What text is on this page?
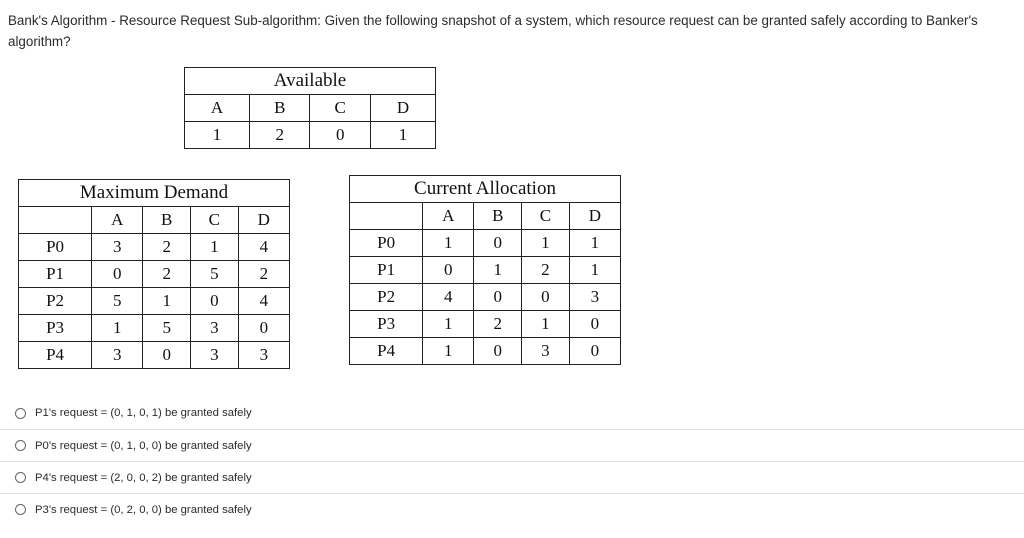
Bank's Algorithm - Resource Request Sub-algorithm: Given the following snapshot of a system, which resource request can be granted safely according to Banker's algorithm?
Available			
A	B	C	D
1	2	0	1
Maximum Demand				
	A	B	C	D
P0	3	2	1	4
P1	0	2	5	2
P2	5	1	0	4
P3	1	5	3	0
P4	3	0	3	3
Current Allocation				
	A	B	C	D
P0	1	0	1	1
P1	0	1	2	1
P2	4	0	0	3
P3	1	2	1	0
P4	1	0	3	0
P1's request = (0, 1, 0, 1) be granted safely
P0's request = (0, 1, 0, 0) be granted safely
P4's request = (2, 0, 0, 2) be granted safely
P3's request = (0, 2, 0, 0) be granted safely
